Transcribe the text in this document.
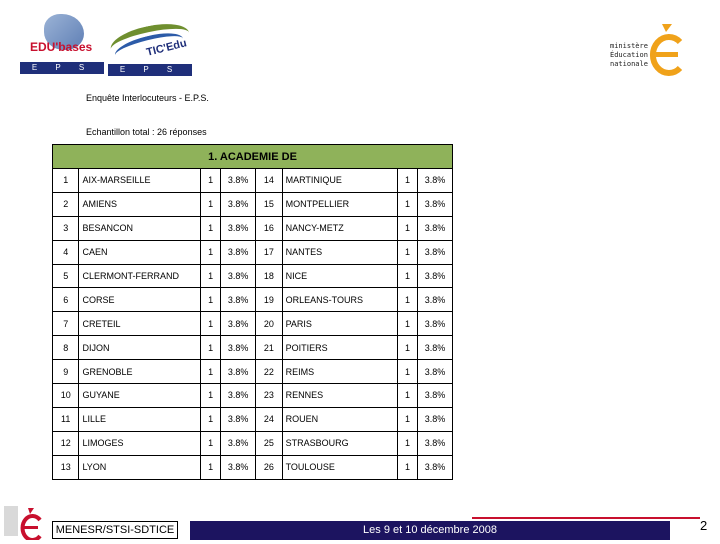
EDU'bases
E P S
TIC'Edu
E P S
ministère
Éducation
nationale
Enquête Interlocuteurs - E.P.S.
Echantillon total : 26 réponses
1. ACADEMIE DE							
1	AIX-MARSEILLE	1	3.8%	14	MARTINIQUE	1	3.8%
2	AMIENS	1	3.8%	15	MONTPELLIER	1	3.8%
3	BESANCON	1	3.8%	16	NANCY-METZ	1	3.8%
4	CAEN	1	3.8%	17	NANTES	1	3.8%
5	CLERMONT-FERRAND	1	3.8%	18	NICE	1	3.8%
6	CORSE	1	3.8%	19	ORLEANS-TOURS	1	3.8%
7	CRETEIL	1	3.8%	20	PARIS	1	3.8%
8	DIJON	1	3.8%	21	POITIERS	1	3.8%
9	GRENOBLE	1	3.8%	22	REIMS	1	3.8%
10	GUYANE	1	3.8%	23	RENNES	1	3.8%
11	LILLE	1	3.8%	24	ROUEN	1	3.8%
12	LIMOGES	1	3.8%	25	STRASBOURG	1	3.8%
13	LYON	1	3.8%	26	TOULOUSE	1	3.8%
MENESR/STSI-SDTICE	Les 9 et 10 décembre 2008	2
